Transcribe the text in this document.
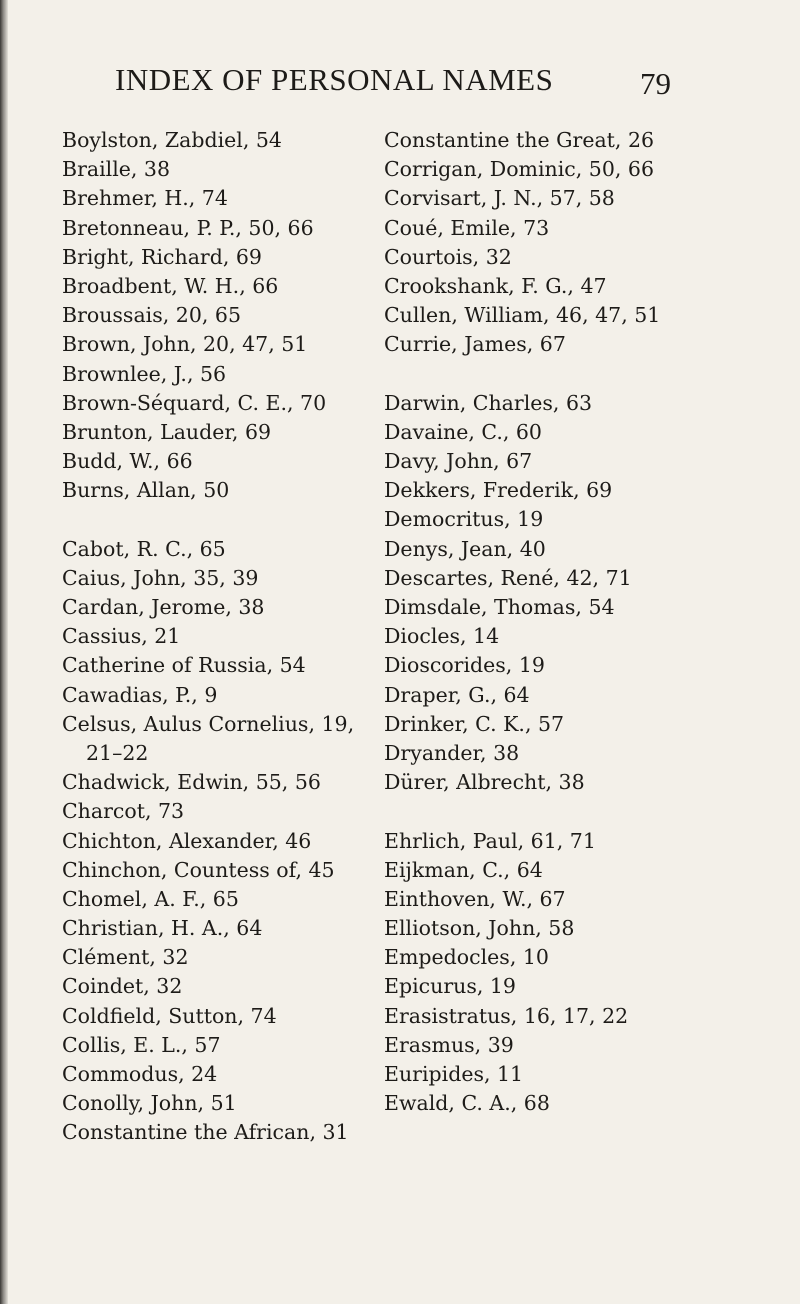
INDEX OF PERSONAL NAMES	79
Boylston, Zabdiel, 54
Braille, 38
Brehmer, H., 74
Bretonneau, P. P., 50, 66
Bright, Richard, 69
Broadbent, W. H., 66
Broussais, 20, 65
Brown, John, 20, 47, 51
Brownlee, J., 56
Brown-Séquard, C. E., 70
Brunton, Lauder, 69
Budd, W., 66
Burns, Allan, 50
Cabot, R. C., 65
Caius, John, 35, 39
Cardan, Jerome, 38
Cassius, 21
Catherine of Russia, 54
Cawadias, P., 9
Celsus, Aulus Cornelius, 19,
21–22
Chadwick, Edwin, 55, 56
Charcot, 73
Chichton, Alexander, 46
Chinchon, Countess of, 45
Chomel, A. F., 65
Christian, H. A., 64
Clément, 32
Coindet, 32
Coldfield, Sutton, 74
Collis, E. L., 57
Commodus, 24
Conolly, John, 51
Constantine the African, 31
Constantine the Great, 26
Corrigan, Dominic, 50, 66
Corvisart, J. N., 57, 58
Coué, Emile, 73
Courtois, 32
Crookshank, F. G., 47
Cullen, William, 46, 47, 51
Currie, James, 67
Darwin, Charles, 63
Davaine, C., 60
Davy, John, 67
Dekkers, Frederik, 69
Democritus, 19
Denys, Jean, 40
Descartes, René, 42, 71
Dimsdale, Thomas, 54
Diocles, 14
Dioscorides, 19
Draper, G., 64
Drinker, C. K., 57
Dryander, 38
Dürer, Albrecht, 38
Ehrlich, Paul, 61, 71
Eijkman, C., 64
Einthoven, W., 67
Elliotson, John, 58
Empedocles, 10
Epicurus, 19
Erasistratus, 16, 17, 22
Erasmus, 39
Euripides, 11
Ewald, C. A., 68
